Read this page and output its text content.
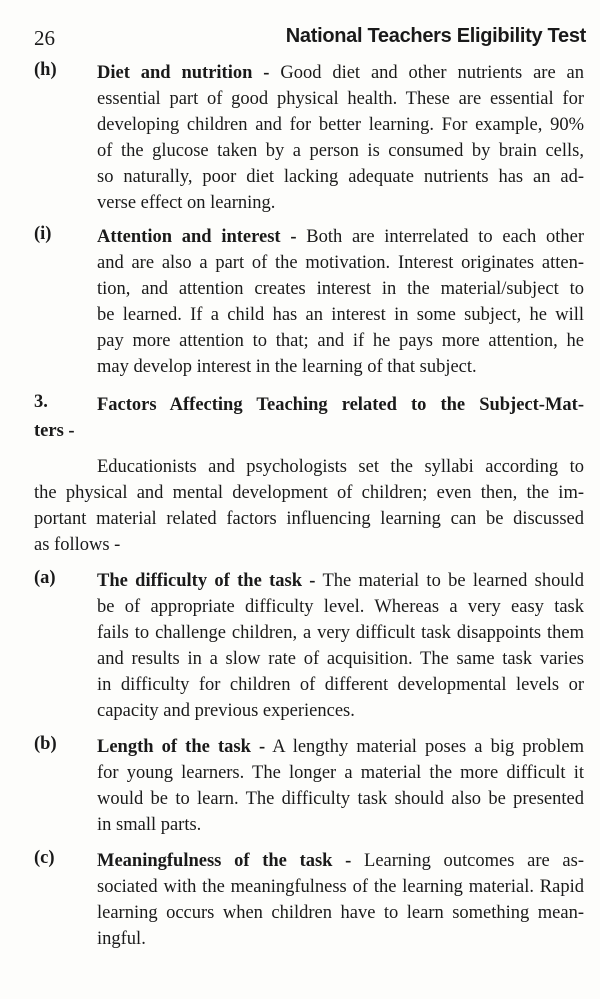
26	National Teachers Eligibility Test
(h) Diet and nutrition - Good diet and other nutrients are an
essential part of good physical health. These are essential for
developing children and for better learning. For example, 90%
of the glucose taken by a person is consumed by brain cells,
so naturally, poor diet lacking adequate nutrients has an ad-
verse effect on learning.
(i) Attention and interest - Both are interrelated to each other
and are also a part of the motivation. Interest originates atten-
tion, and attention creates interest in the material/subject to
be learned. If a child has an interest in some subject, he will
pay more attention to that; and if he pays more attention, he
may develop interest in the learning of that subject.
3.	Factors Affecting Teaching related to the Subject-Mat-
ters -
Educationists and psychologists set the syllabi according to
the physical and mental development of children; even then, the im-
portant material related factors influencing learning can be discussed
as follows -
(a) The difficulty of the task - The material to be learned should
be of appropriate difficulty level. Whereas a very easy task
fails to challenge children, a very difficult task disappoints them
and results in a slow rate of acquisition. The same task varies
in difficulty for children of different developmental levels or
capacity and previous experiences.
(b) Length of the task - A lengthy material poses a big problem
for young learners. The longer a material the more difficult it
would be to learn. The difficulty task should also be presented
in small parts.
(c) Meaningfulness of the task - Learning outcomes are as-
sociated with the meaningfulness of the learning material. Rapid
learning occurs when children have to learn something mean-
ingful.
